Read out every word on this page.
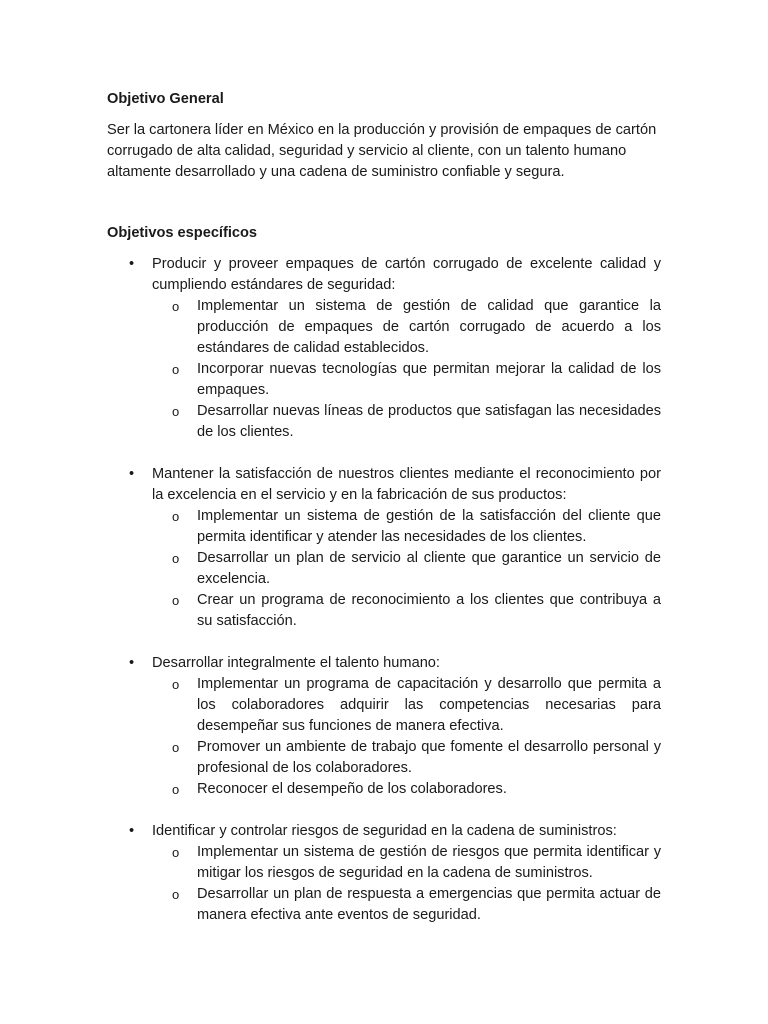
Objetivo General

Ser la cartonera líder en México en la producción y provisión de empaques de cartón corrugado de alta calidad, seguridad y servicio al cliente, con un talento humano altamente desarrollado y una cadena de suministro confiable y segura.

Objetivos específicos

• Producir y proveer empaques de cartón corrugado de excelente calidad y cumpliendo estándares de seguridad:
o Implementar un sistema de gestión de calidad que garantice la producción de empaques de cartón corrugado de acuerdo a los estándares de calidad establecidos.
o Incorporar nuevas tecnologías que permitan mejorar la calidad de los empaques.
o Desarrollar nuevas líneas de productos que satisfagan las necesidades de los clientes.
• Mantener la satisfacción de nuestros clientes mediante el reconocimiento por la excelencia en el servicio y en la fabricación de sus productos:
o Implementar un sistema de gestión de la satisfacción del cliente que permita identificar y atender las necesidades de los clientes.
o Desarrollar un plan de servicio al cliente que garantice un servicio de excelencia.
o Crear un programa de reconocimiento a los clientes que contribuya a su satisfacción.
• Desarrollar integralmente el talento humano:
o Implementar un programa de capacitación y desarrollo que permita a los colaboradores adquirir las competencias necesarias para desempeñar sus funciones de manera efectiva.
o Promover un ambiente de trabajo que fomente el desarrollo personal y profesional de los colaboradores.
o Reconocer el desempeño de los colaboradores.
• Identificar y controlar riesgos de seguridad en la cadena de suministros:
o Implementar un sistema de gestión de riesgos que permita identificar y mitigar los riesgos de seguridad en la cadena de suministros.
o Desarrollar un plan de respuesta a emergencias que permita actuar de manera efectiva ante eventos de seguridad.
